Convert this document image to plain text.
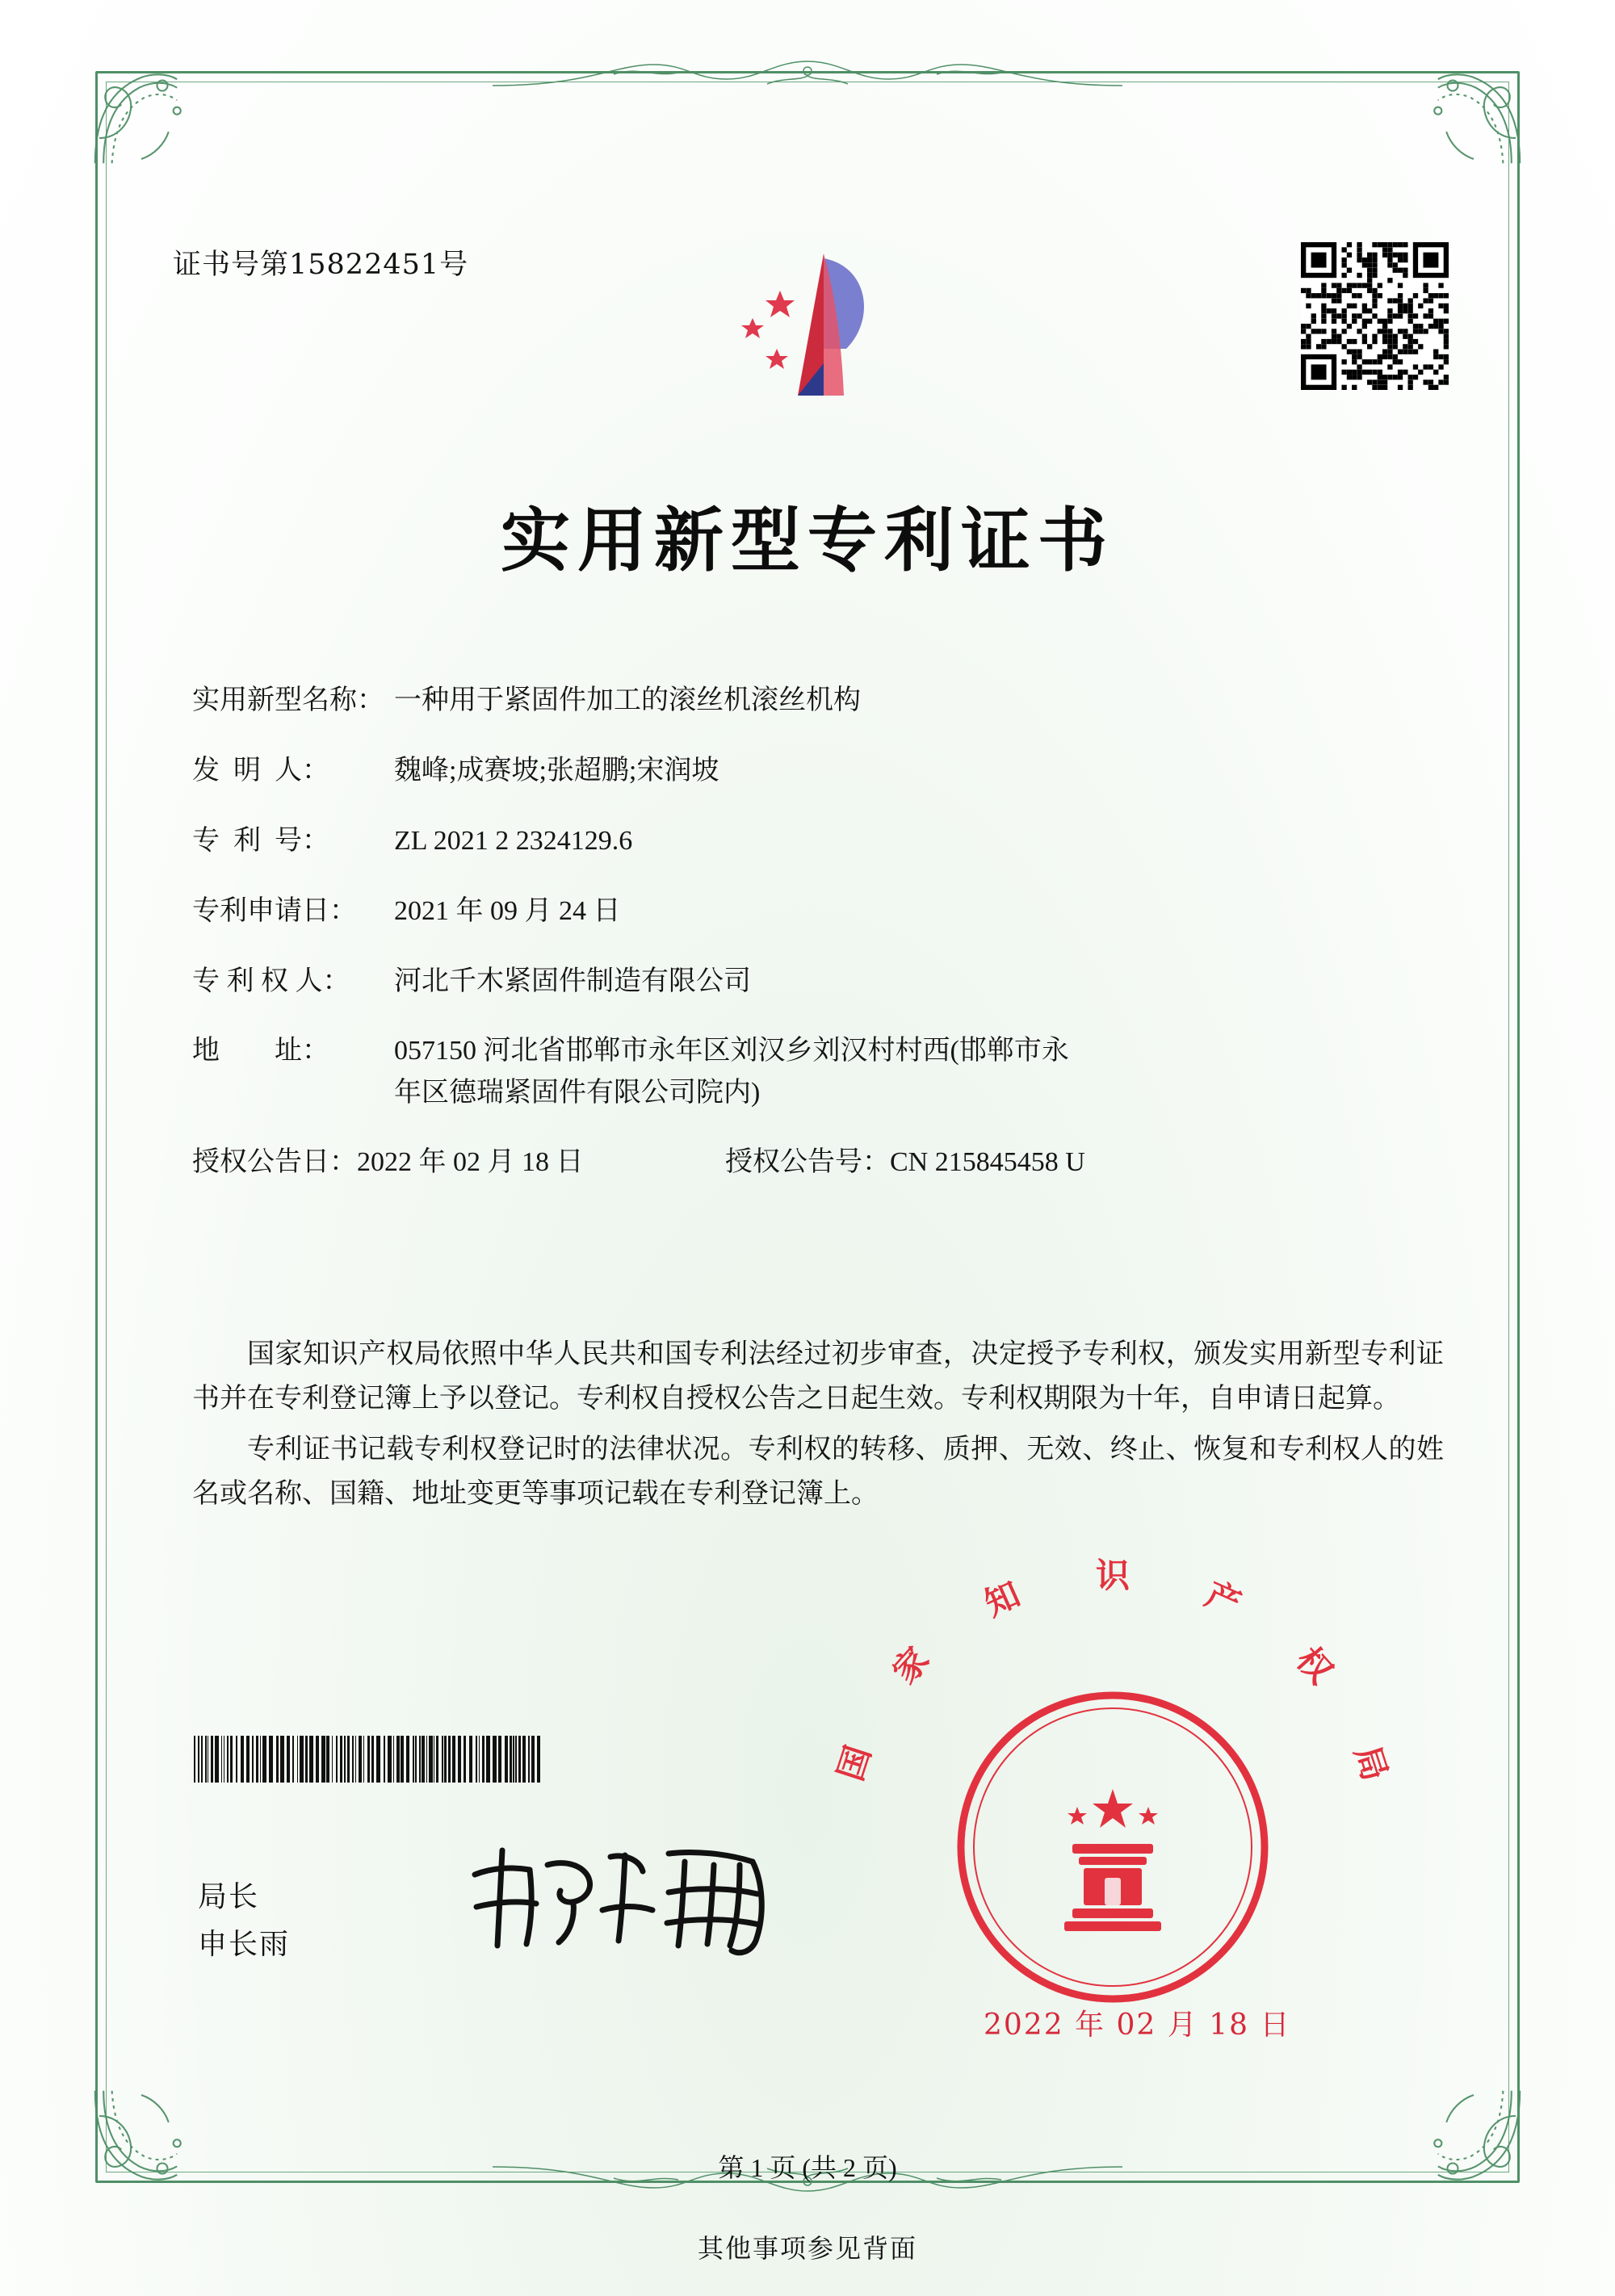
证书号第15822451号
实用新型专利证书
实用新型名称： 一种用于紧固件加工的滚丝机滚丝机构
发  明  人：	魏峰;成赛坡;张超鹏;宋润坡
专  利  号：	ZL 2021 2 2324129.6
专利申请日：	2021 年 09 月 24 日
专 利 权 人：	河北千木紧固件制造有限公司
地        址：	057150 河北省邯郸市永年区刘汉乡刘汉村村西(邯郸市永
年区德瑞紧固件有限公司院内)
授权公告日：2022 年 02 月 18 日	授权公告号：CN 215845458 U

国家知识产权局依照中华人民共和国专利法经过初步审查，决定授予专利权，颁发实用新型专利证书并在专利登记簿上予以登记。专利权自授权公告之日起生效。专利权期限为十年，自申请日起算。

专利证书记载专利权登记时的法律状况。专利权的转移、质押、无效、终止、恢复和专利权人的姓名或名称、国籍、地址变更等事项记载在专利登记簿上。

局长
申长雨
国
家
知 识 产
权
局
2022 年 02 月 18 日
第 1 页 (共 2 页)
其他事项参见背面
